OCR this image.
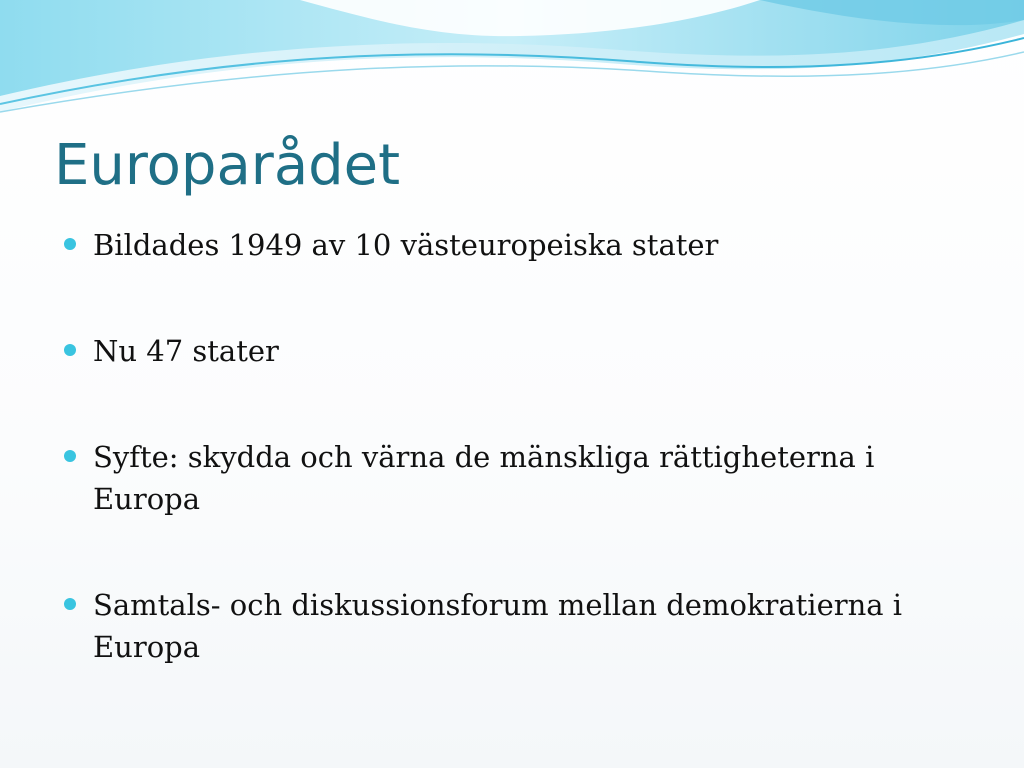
Europarådet
Bildades 1949 av 10 västeuropeiska stater
Nu 47 stater
Syfte: skydda och värna de mänskliga rättigheterna i Europa
Samtals- och diskussionsforum mellan demokratierna i Europa
